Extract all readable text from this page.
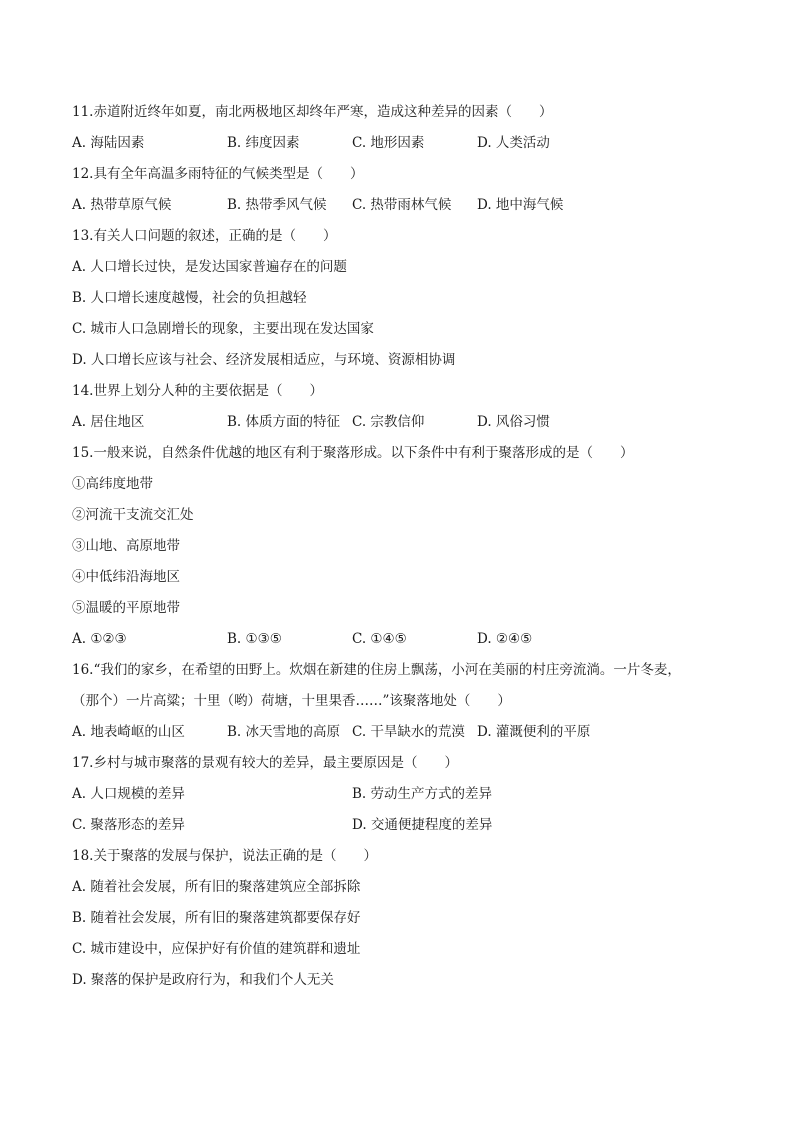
11.赤道附近终年如夏，南北两极地区却终年严寒，造成这种差异的因素（　　）
A. 海陆因素	B. 纬度因素	C. 地形因素	D. 人类活动
12.具有全年高温多雨特征的气候类型是（　　）
A. 热带草原气候	B. 热带季风气候 C. 热带雨林气候 D. 地中海气候
13.有关人口问题的叙述，正确的是（　　）
A. 人口增长过快，是发达国家普遍存在的问题
B. 人口增长速度越慢，社会的负担越轻
C. 城市人口急剧增长的现象，主要出现在发达国家
D. 人口增长应该与社会、经济发展相适应，与环境、资源相协调
14.世界上划分人种的主要依据是（　　）
A. 居住地区	B. 体质方面的特征 C. 宗教信仰	D. 风俗习惯
15.一般来说，自然条件优越的地区有利于聚落形成。以下条件中有利于聚落形成的是（　　）
①高纬度地带
②河流干支流交汇处
③山地、高原地带
④中低纬沿海地区
⑤温暖的平原地带
A. ①②③	B. ①③⑤	C. ①④⑤	D. ②④⑤
16.“我们的家乡，在希望的田野上。炊烟在新建的住房上飘荡，小河在美丽的村庄旁流淌。一片冬麦，
（那个）一片高粱；十里（哟）荷塘，十里果香……”该聚落地处（　　）
A. 地表崎岖的山区	B. 冰天雪地的高原 C. 干旱缺水的荒漠 D. 灌溉便利的平原
17.乡村与城市聚落的景观有较大的差异，最主要原因是（　　）
A. 人口规模的差异	B. 劳动生产方式的差异
C. 聚落形态的差异	D. 交通便捷程度的差异
18.关于聚落的发展与保护，说法正确的是（　　）
A. 随着社会发展，所有旧的聚落建筑应全部拆除
B. 随着社会发展，所有旧的聚落建筑都要保存好
C. 城市建设中，应保护好有价值的建筑群和遗址
D. 聚落的保护是政府行为，和我们个人无关
